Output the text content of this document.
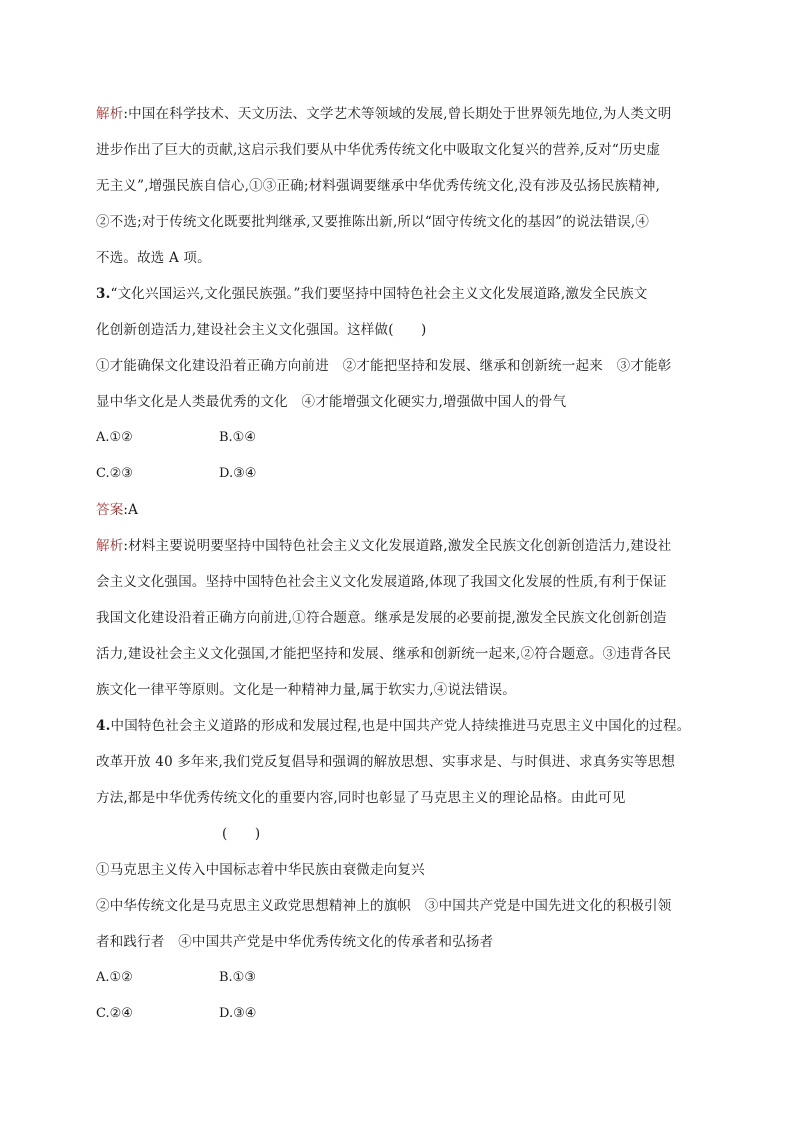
解析:中国在科学技术、天文历法、文学艺术等领域的发展,曾长期处于世界领先地位,为人类文明
进步作出了巨大的贡献,这启示我们要从中华优秀传统文化中吸取文化复兴的营养,反对“历史虚
无主义”,增强民族自信心,①③正确;材料强调要继承中华优秀传统文化,没有涉及弘扬民族精神,
②不选;对于传统文化既要批判继承,又要推陈出新,所以“固守传统文化的基因”的说法错误,④
不选。故选 A 项。
3.“文化兴国运兴,文化强民族强。”我们要坚持中国特色社会主义文化发展道路,激发全民族文
化创新创造活力,建设社会主义文化强国。这样做(　　)
①才能确保文化建设沿着正确方向前进　②才能把坚持和发展、继承和创新统一起来　③才能彰
显中华文化是人类最优秀的文化　④才能增强文化硬实力,增强做中国人的骨气
A.①②	B.①④
C.②③	D.③④
答案:A
解析:材料主要说明要坚持中国特色社会主义文化发展道路,激发全民族文化创新创造活力,建设社
会主义文化强国。坚持中国特色社会主义文化发展道路,体现了我国文化发展的性质,有利于保证
我国文化建设沿着正确方向前进,①符合题意。继承是发展的必要前提,激发全民族文化创新创造
活力,建设社会主义文化强国,才能把坚持和发展、继承和创新统一起来,②符合题意。③违背各民
族文化一律平等原则。文化是一种精神力量,属于软实力,④说法错误。
4.中国特色社会主义道路的形成和发展过程,也是中国共产党人持续推进马克思主义中国化的过程。
改革开放 40 多年来,我们党反复倡导和强调的解放思想、实事求是、与时俱进、求真务实等思想
方法,都是中华优秀传统文化的重要内容,同时也彰显了马克思主义的理论品格。由此可见
(　　)
①马克思主义传入中国标志着中华民族由衰微走向复兴
②中华传统文化是马克思主义政党思想精神上的旗帜　③中国共产党是中国先进文化的积极引领
者和践行者　④中国共产党是中华优秀传统文化的传承者和弘扬者
A.①②	B.①③
C.②④	D.③④
